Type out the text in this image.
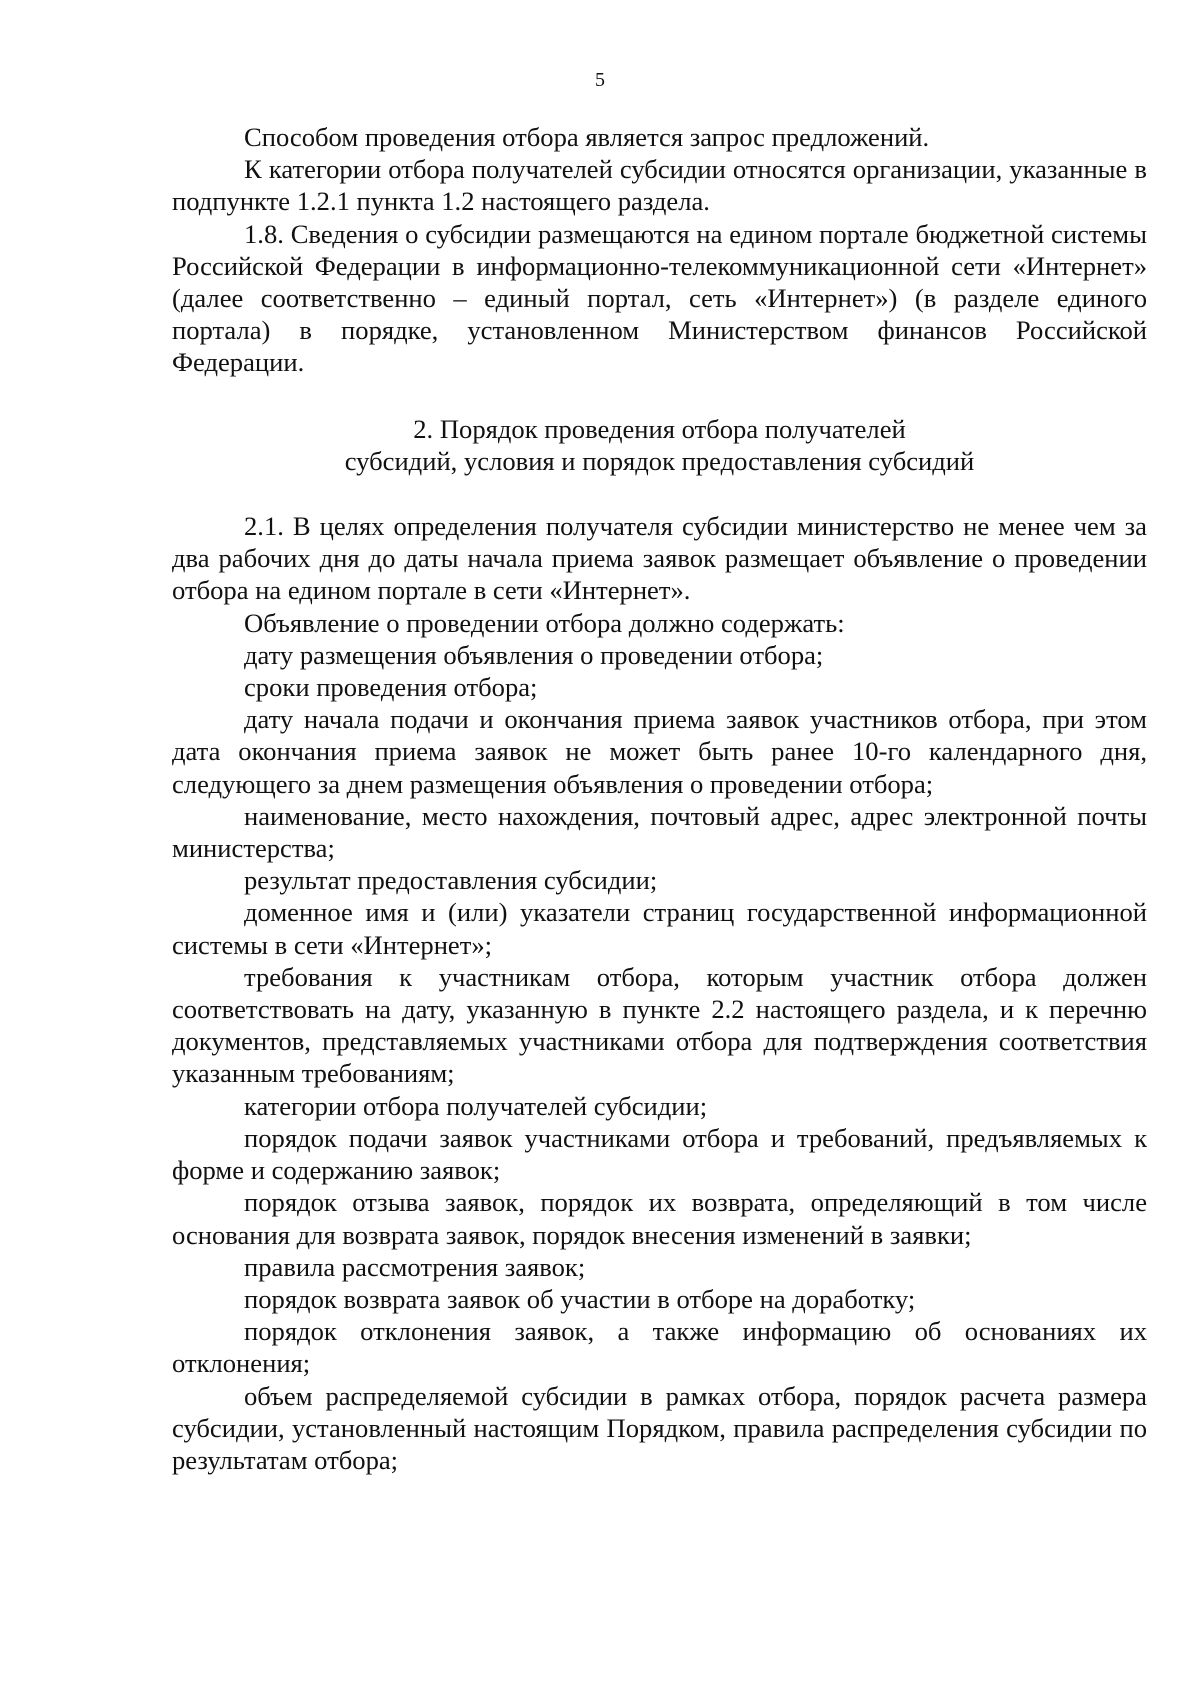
5

Способом проведения отбора является запрос предложений.

К категории отбора получателей субсидии относятся организации, указанные в подпункте 1.2.1 пункта 1.2 настоящего раздела.

1.8. Сведения о субсидии размещаются на едином портале бюджетной системы Российской Федерации в информационно-телекоммуникационной сети «Интернет» (далее соответственно – единый портал, сеть «Интернет») (в разделе единого портала) в порядке, установленном Министерством финансов Российской Федерации.

2. Порядок проведения отбора получателей

субсидий, условия и порядок предоставления субсидий

2.1. В целях определения получателя субсидии министерство не менее чем за два рабочих дня до даты начала приема заявок размещает объявление о проведении отбора на едином портале в сети «Интернет».

Объявление о проведении отбора должно содержать:

дату размещения объявления о проведении отбора;

сроки проведения отбора;

дату начала подачи и окончания приема заявок участников отбора, при этом дата окончания приема заявок не может быть ранее 10-го календарного дня, следующего за днем размещения объявления о проведении отбора;

наименование, место нахождения, почтовый адрес, адрес электронной почты министерства;

результат предоставления субсидии;

доменное имя и (или) указатели страниц государственной информационной системы в сети «Интернет»;

требования к участникам отбора, которым участник отбора должен соответствовать на дату, указанную в пункте 2.2 настоящего раздела, и к перечню документов, представляемых участниками отбора для подтверждения соответствия указанным требованиям;

категории отбора получателей субсидии;

порядок подачи заявок участниками отбора и требований, предъявляемых к форме и содержанию заявок;

порядок отзыва заявок, порядок их возврата, определяющий в том числе основания для возврата заявок, порядок внесения изменений в заявки;

правила рассмотрения заявок;

порядок возврата заявок об участии в отборе на доработку;

порядок отклонения заявок, а также информацию об основаниях их отклонения;

объем распределяемой субсидии в рамках отбора, порядок расчета размера субсидии, установленный настоящим Порядком, правила распределения субсидии по результатам отбора;
